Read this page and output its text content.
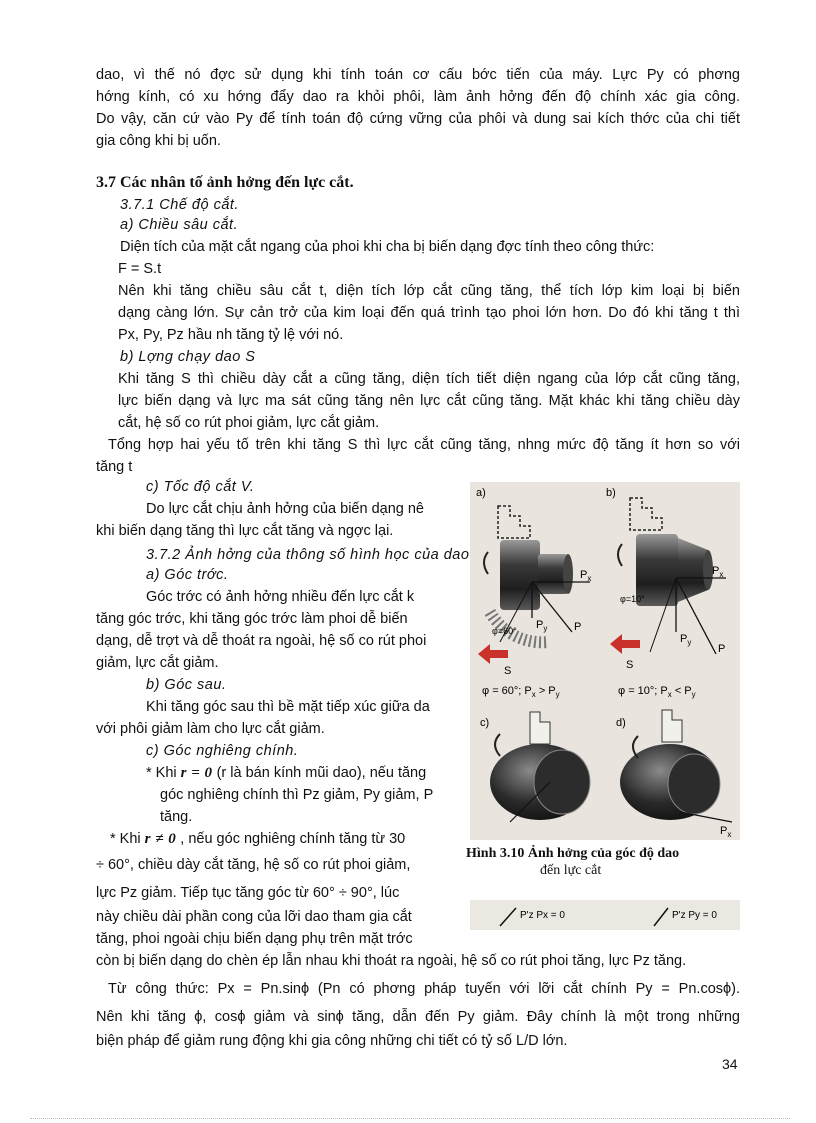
dao, vì thế nó đợc sử dụng khi tính toán cơ cấu bớc tiến của máy. Lực Py có phơng
hớng kính, có xu hớng đẩy dao ra khỏi phôi, làm ảnh hởng đến độ chính xác gia công.
Do vậy, căn cứ vào Py để tính toán độ cứng vững của phôi và dung sai kích thớc của chi tiết
gia công khi bị uốn.
3.7 Các nhân tố ảnh hởng đến lực cắt.
3.7.1 Chế độ cắt.
a) Chiều sâu cắt.
Diện tích của mặt cắt ngang của phoi khi cha bị biến dạng đợc tính theo công thức:
F = S.t
Nên khi tăng chiều sâu cắt t, diện tích lớp cắt cũng tăng, thể tích lớp kim loại bị biến
dạng càng lớn. Sự cản trở của kim loại đến quá trình tạo phoi lớn hơn. Do đó khi tăng t thì
Px, Py, Pz hầu nh tăng tỷ lệ với nó.
b) Lợng chạy dao S
Khi tăng S thì chiều dày cắt a cũng tăng, diện tích tiết diện ngang của lớp cắt cũng tăng,
lực biến dạng và lực ma sát cũng tăng nên lực cắt cũng tăng. Mặt khác khi tăng chiều dày
cắt, hệ số co rút phoi giảm, lực cắt giảm.
Tổng hợp hai yếu tố trên khi tăng S thì lực cắt cũng tăng, nhng mức độ tăng ít hơn so với
tăng t
c) Tốc độ cắt V.
Do lực cắt chịu ảnh hởng của biến dạng nê
khi biến dạng tăng thì lực cắt tăng và ngợc lại.
3.7.2 Ảnh hởng của thông số hình học của dao
a) Góc trớc.
Góc trớc có ảnh hởng nhiều đến lực cắt k
tăng góc trớc, khi tăng góc trớc làm phoi dễ biến
dạng, dễ trợt và dễ thoát ra ngoài, hệ số co rút phoi
giảm, lực cắt giảm.
b) Góc sau.
Khi tăng góc sau thì bề mặt tiếp xúc giữa da
với phôi giảm làm cho lực cắt giảm.
c) Góc nghiêng chính.
* Khi r = 0 (r là bán kính mũi dao), nếu tăng
góc nghiêng chính thì Pz giảm, Py giảm, P
tăng.
* Khi r ≠ 0 , nếu góc nghiêng chính tăng từ 30
÷ 60°, chiều dày cắt tăng, hệ số co rút phoi giảm,
lực Pz giảm. Tiếp tục tăng góc từ 60° ÷ 90°, lúc
này chiều dài phần cong của lỡi dao tham gia cắt
tăng, phoi ngoài chịu biến dạng phụ trên mặt trớc
còn bị biến dạng do chèn ép lẫn nhau khi thoát ra ngoài, hệ số co rút phoi tăng, lực Pz tăng.
Từ công thức: Px = Pn.sinϕ (Pn có phơng pháp tuyến với lỡi cắt chính Py = Pn.cosϕ).
Nên khi tăng ϕ, cosϕ giảm và sinϕ tăng, dẫn đến Py giảm. Đây chính là một trong những
biện pháp để giảm rung động khi gia công những chi tiết có tỷ số L/D lớn.
a)
$P_x$
$P_y$ P
φ=60°
S
φ = 60°; $P_x > P_y$
b)
$P_x$
$P_y$
P
φ=10°
S
φ = 10°; $P_x < P_y$
c)	d)
$P_x$
Hình 3.10 Ảnh hởng của góc độ dao
đến lực cắt
P'z Px = 0	P'z Py = 0
34
